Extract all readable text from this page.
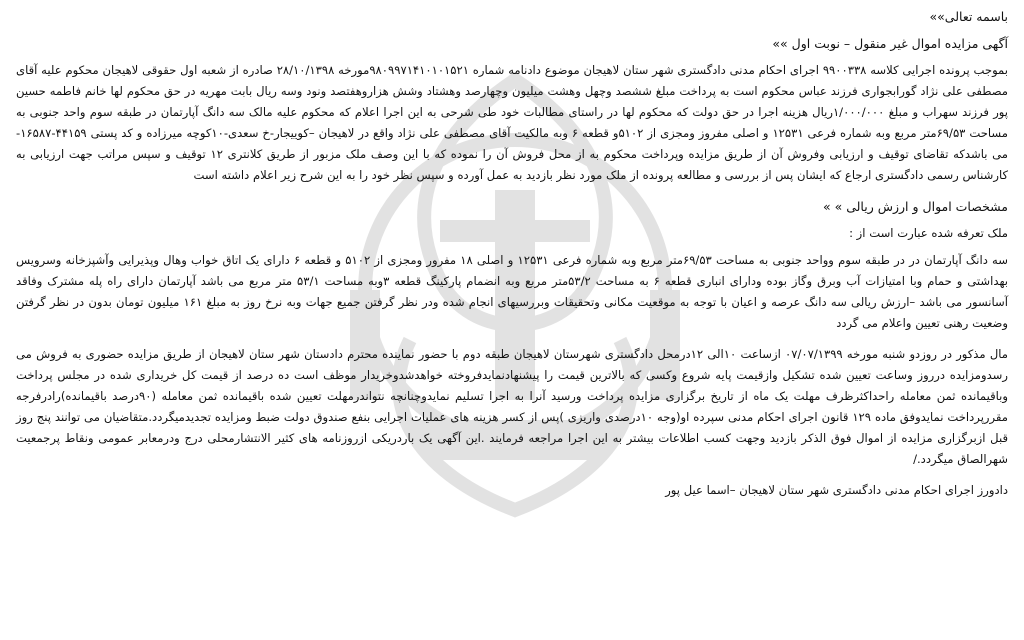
باسمه تعالی»»

آگهی مزایده اموال غیر منقول – نوبت اول »»

بموجب پرونده اجرایی کلاسه ۹۹۰۰۳۳۸ اجرای احکام مدنی دادگستری شهر ستان لاهیجان موضوع دادنامه شماره ۹۸۰۹۹۷۱۴۱۰۱۰۱۵۲۱مورخه ۲۸/۱۰/۱۳۹۸ صادره از شعبه اول حقوقی لاهیجان محکوم علیه آقای مصطفی علی نژاد گورابجواری فرزند عباس محکوم است به پرداخت مبلغ ششصد وچهل وهشت میلیون وچهارصد وهشتاد وشش هزاروهفتصد ونود وسه ریال بابت مهریه در حق محکوم لها خانم فاطمه حسین پور فرزند سهراب و مبلغ ۱/۰۰۰/۰۰۰ریال هزینه اجرا در حق دولت که محکوم لها در راستای مطالبات خود طی شرحی به این اجرا اعلام که محکوم علیه مالک سه دانگ آپارتمان در طبقه سوم واحد جنوبی به مساحت ۶۹/۵۳متر مربع وبه شماره فرعی ۱۲۵۳۱ و اصلی مفروز ومجزی از ۵۱۰۲و قطعه ۶ وبه مالکیت آقای مصطفی علی نژاد واقع در لاهیجان –کوییجار-خ سعدی-۱۰کوچه میرزاده و کد پستی ۴۴۱۵۹-۱۶۵۸۷- می باشدکه تقاضای توقیف و ارزیابی وفروش آن از طریق مزایده وپرداخت محکوم به از محل فروش آن را نموده که با این وصف ملک مزبور از طریق کلانتری ۱۲ توقیف و سپس مراتب جهت ارزیابی به کارشناس رسمی دادگستری ارجاع که ایشان پس از بررسی و مطالعه پرونده از ملک مورد نظر بازدید به عمل آورده و سپس نظر خود را به این شرح زیر اعلام داشته است

مشخصات اموال و ارزش ریالی » »

ملک تعرفه شده عبارت است از :

سه دانگ آپارتمان در در طبقه سوم وواحد جنوبی به مساحت ۶۹/۵۳متر مربع وبه شماره فرعی ۱۲۵۳۱ و اصلی ۱۸ مفرور ومجزی از ۵۱۰۲ و قطعه ۶ دارای یک اتاق خواب وهال وپذیرایی وآشپزخانه وسرویس بهداشتی و حمام وبا امتیازات آب وبرق وگاز بوده ودارای انباری قطعه ۶ به مساحت ۵۳/۲متر مربع وبه انضمام پارکینگ قطعه ۳وبه مساحت ۵۳/۱ متر مربع می باشد آپارتمان دارای راه پله مشترک وفاقد آسانسور می باشد –ارزش ریالی سه دانگ عرصه و اعیان با توجه به موقعیت مکانی وتحقیقات وبررسیهای انجام شده ودر نظر گرفتن جمیع جهات وبه نرخ روز به مبلغ ۱۶۱ میلیون تومان بدون در نظر گرفتن وضعیت رهنی تعیین واعلام می گردد

مال مذکور در روزدو شنبه مورخه ۰۷/۰۷/۱۳۹۹ ازساعت ۱۰الی ۱۲درمحل دادگستری شهرستان لاهیجان طبقه دوم با حضور نماینده محترم دادستان شهر ستان لاهیجان از طریق مزایده حضوری به فروش می رسدومزایده درروز وساعت تعیین شده تشکیل وازقیمت پایه شروع وکسی که بالاترین قیمت را پیشنهادنمایدفروخته خواهدشدوخریدار موظف است ده درصد از قیمت کل خریداری شده در مجلس پرداخت وباقیمانده ثمن معامله راحداکثرظرف مهلت یک ماه از تاریخ برگزاری مزایده پرداخت ورسید آنرا به اجرا تسلیم نمایدوچنانچه نتواندرمهلت تعیین شده باقیمانده ثمن معامله (۹۰درصد باقیمانده)رادرفرجه مقررپرداخت نمایدوفق ماده ۱۲۹ قانون اجرای احکام مدنی سپرده او(وجه ۱۰درصدی واریزی )پس از کسر هزینه های عملیات اجرایی بنفع صندوق دولت ضبط ومزایده تجدیدمیگردد.متقاضیان می توانند پنج روز قبل ازبرگزاری مزایده از اموال فوق الذکر بازدید وجهت کسب اطلاعات بیشتر به این اجرا مراجعه فرمایند .این آگهی یک باردریکی ازروزنامه های کثیر الانتشارمحلی درج ودرمعابر عمومی ونقاط پرجمعیت شهرالصاق میگردد./

دادورز اجرای احکام مدنی دادگستری شهر ستان لاهیجان –اسما عیل پور
